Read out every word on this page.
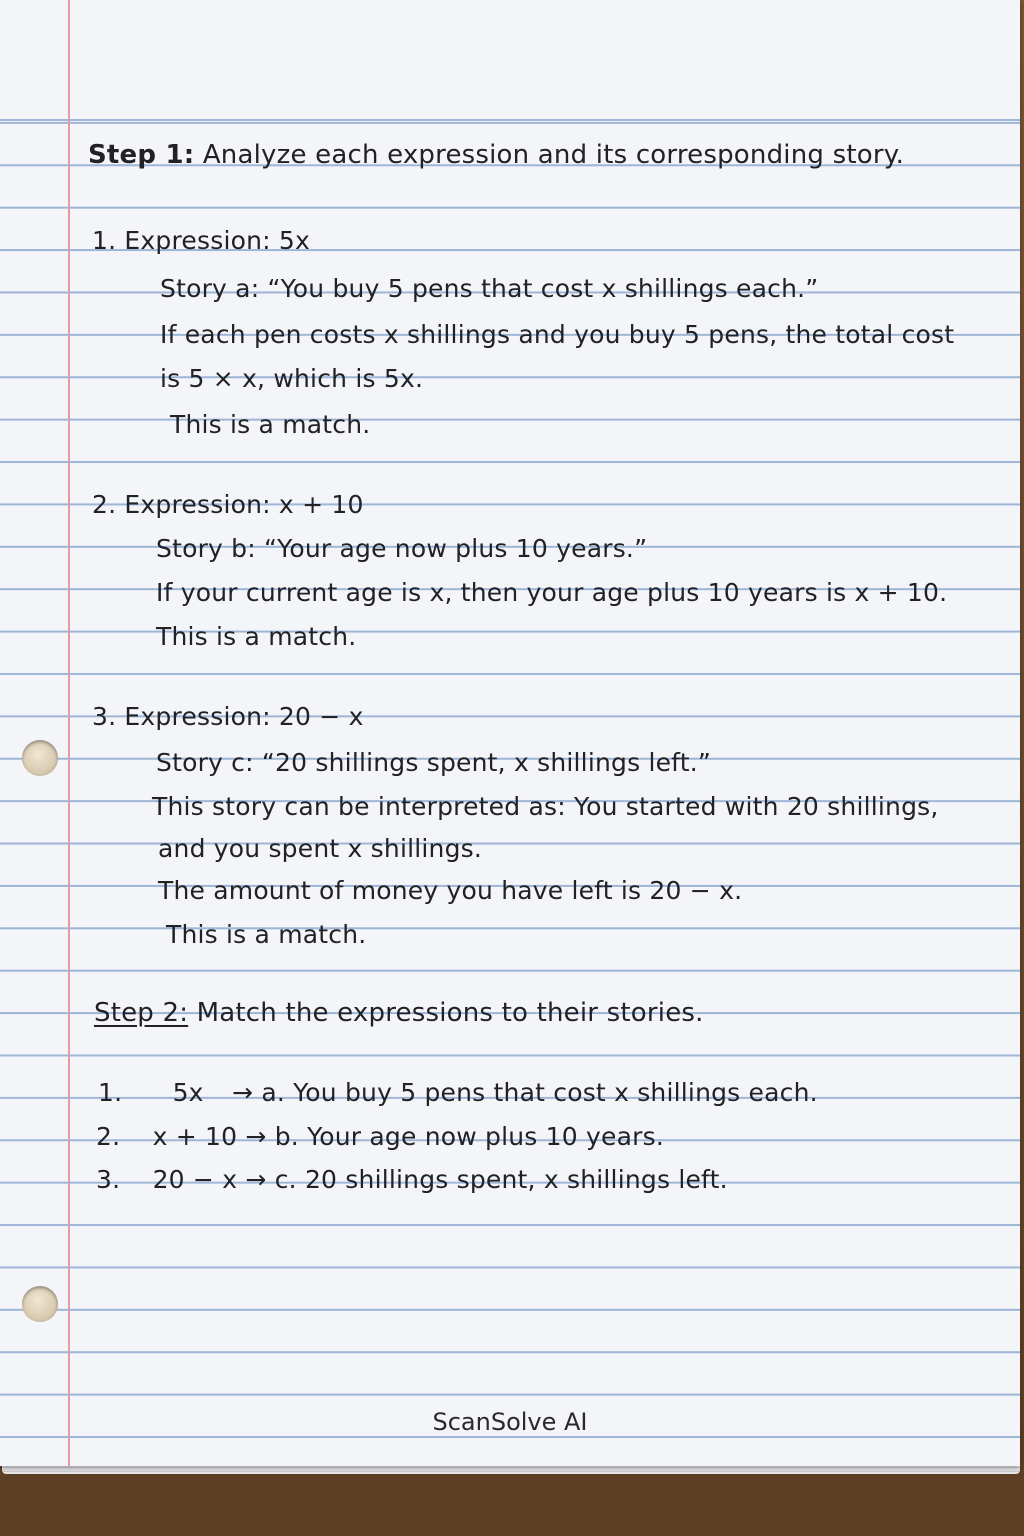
Step 1: Analyze each expression and its corresponding story.
1. Expression: 5x
Story a: “You buy 5 pens that cost x shillings each.”
If each pen costs x shillings and you buy 5 pens, the total cost
is 5 × x, which is 5x.
This is a match.
2. Expression: x + 10
Story b: “Your age now plus 10 years.”
If your current age is x, then your age plus 10 years is x + 10.
This is a match.
3. Expression: 20 − x
Story c: “20 shillings spent, x shillings left.”
This story can be interpreted as: You started with 20 shillings,
and you spent x shillings.
The amount of money you have left is 20 − x.
This is a match.
Step 2: Match the expressions to their stories.
1. 5x → a. You buy 5 pens that cost x shillings each.
2. x + 10 → b. Your age now plus 10 years.
3. 20 − x → c. 20 shillings spent, x shillings left.
ScanSolve AI
